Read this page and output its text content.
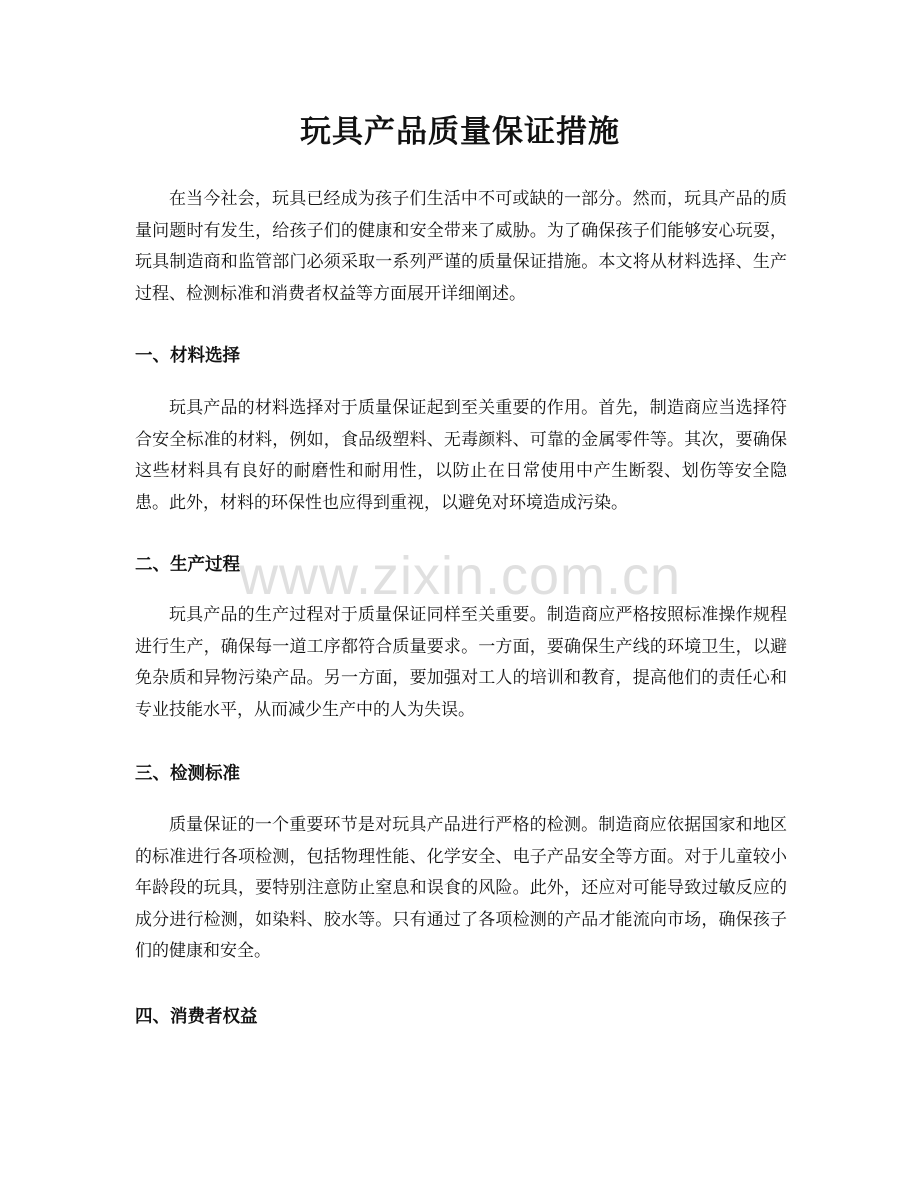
玩具产品质量保证措施

在当今社会，玩具已经成为孩子们生活中不可或缺的一部分。然而，玩具产品的质量问题时有发生，给孩子们的健康和安全带来了威胁。为了确保孩子们能够安心玩耍，玩具制造商和监管部门必须采取一系列严谨的质量保证措施。本文将从材料选择、生产过程、检测标准和消费者权益等方面展开详细阐述。

一、材料选择

玩具产品的材料选择对于质量保证起到至关重要的作用。首先，制造商应当选择符合安全标准的材料，例如，食品级塑料、无毒颜料、可靠的金属零件等。其次，要确保这些材料具有良好的耐磨性和耐用性，以防止在日常使用中产生断裂、划伤等安全隐患。此外，材料的环保性也应得到重视，以避免对环境造成污染。

二、生产过程

玩具产品的生产过程对于质量保证同样至关重要。制造商应严格按照标准操作规程进行生产，确保每一道工序都符合质量要求。一方面，要确保生产线的环境卫生，以避免杂质和异物污染产品。另一方面，要加强对工人的培训和教育，提高他们的责任心和专业技能水平，从而减少生产中的人为失误。

三、检测标准

质量保证的一个重要环节是对玩具产品进行严格的检测。制造商应依据国家和地区的标准进行各项检测，包括物理性能、化学安全、电子产品安全等方面。对于儿童较小年龄段的玩具，要特别注意防止窒息和误食的风险。此外，还应对可能导致过敏反应的成分进行检测，如染料、胶水等。只有通过了各项检测的产品才能流向市场，确保孩子们的健康和安全。

四、消费者权益
www.zixin.com.cn
